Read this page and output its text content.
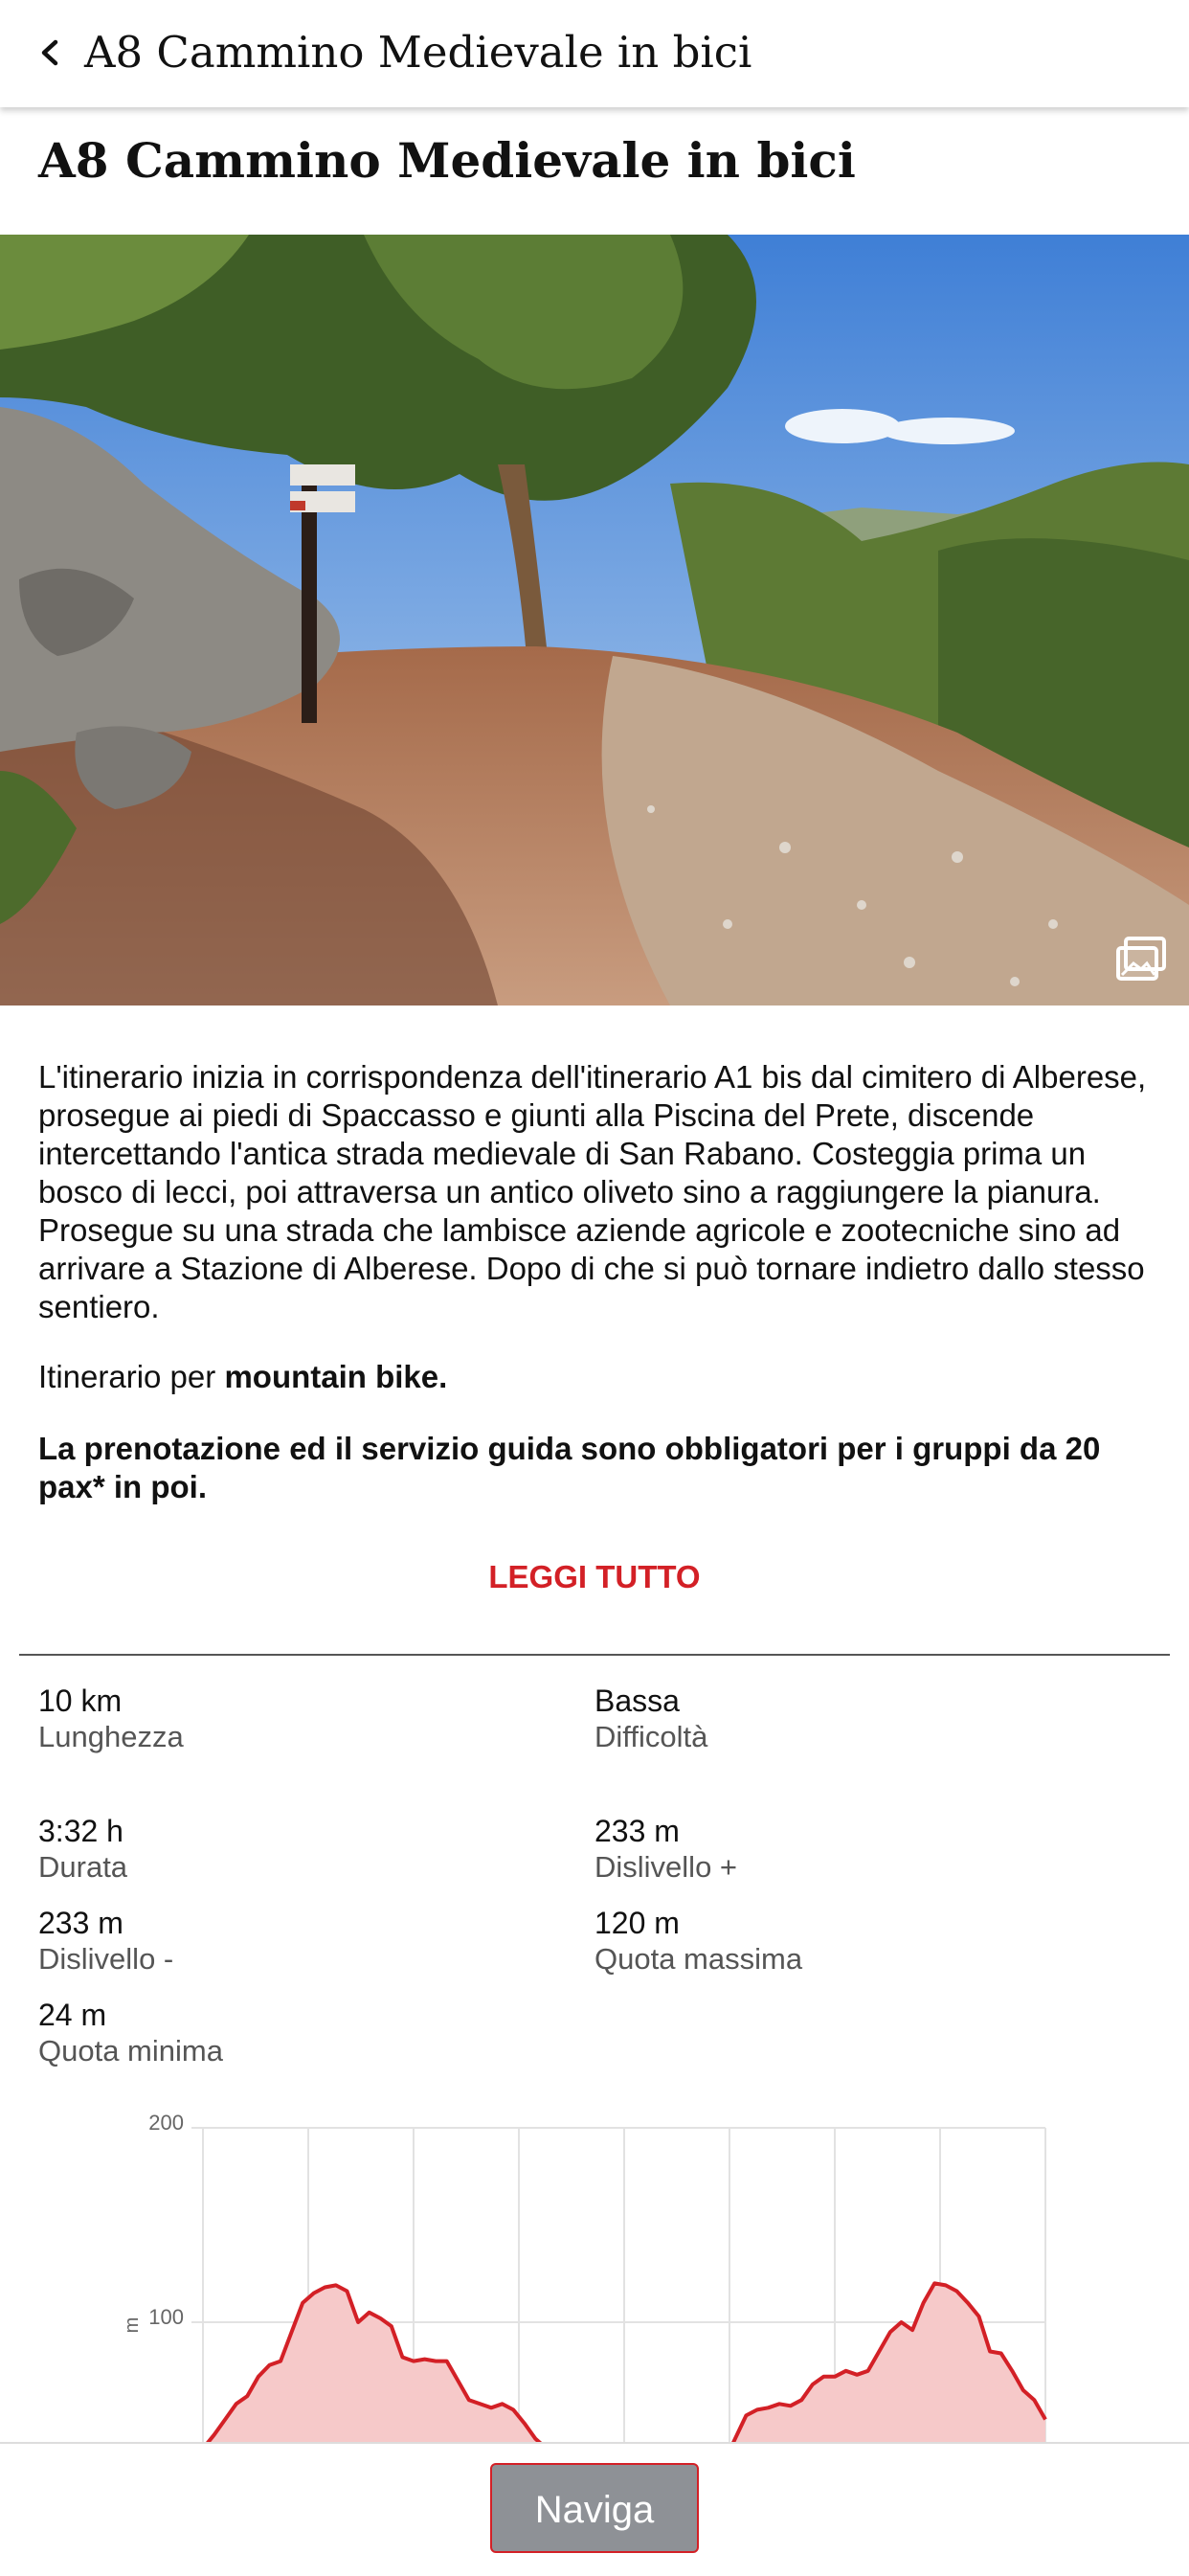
A8 Cammino Medievale in bici
A8 Cammino Medievale in bici

L'itinerario inizia in corrispondenza dell'itinerario A1 bis dal cimitero di Alberese, prosegue ai piedi di Spaccasso e giunti alla Piscina del Prete, discende intercettando l'antica strada medievale di San Rabano. Costeggia prima un bosco di lecci, poi attraversa un antico oliveto sino a raggiungere la pianura. Prosegue su una strada che lambisce aziende agricole e zootecniche sino ad arrivare a Stazione di Alberese. Dopo di che si può tornare indietro dallo stesso sentiero.

Itinerario per mountain bike.

La prenotazione ed il servizio guida sono obbligatori per i gruppi da 20 pax* in poi.

LEGGI TUTTO
10 km
Lunghezza
Bassa
Difficoltà
3:32 h
Durata
233 m
Dislivello +
233 m
Dislivello -
120 m
Quota massima
24 m
Quota minima
200
100
m
Naviga
